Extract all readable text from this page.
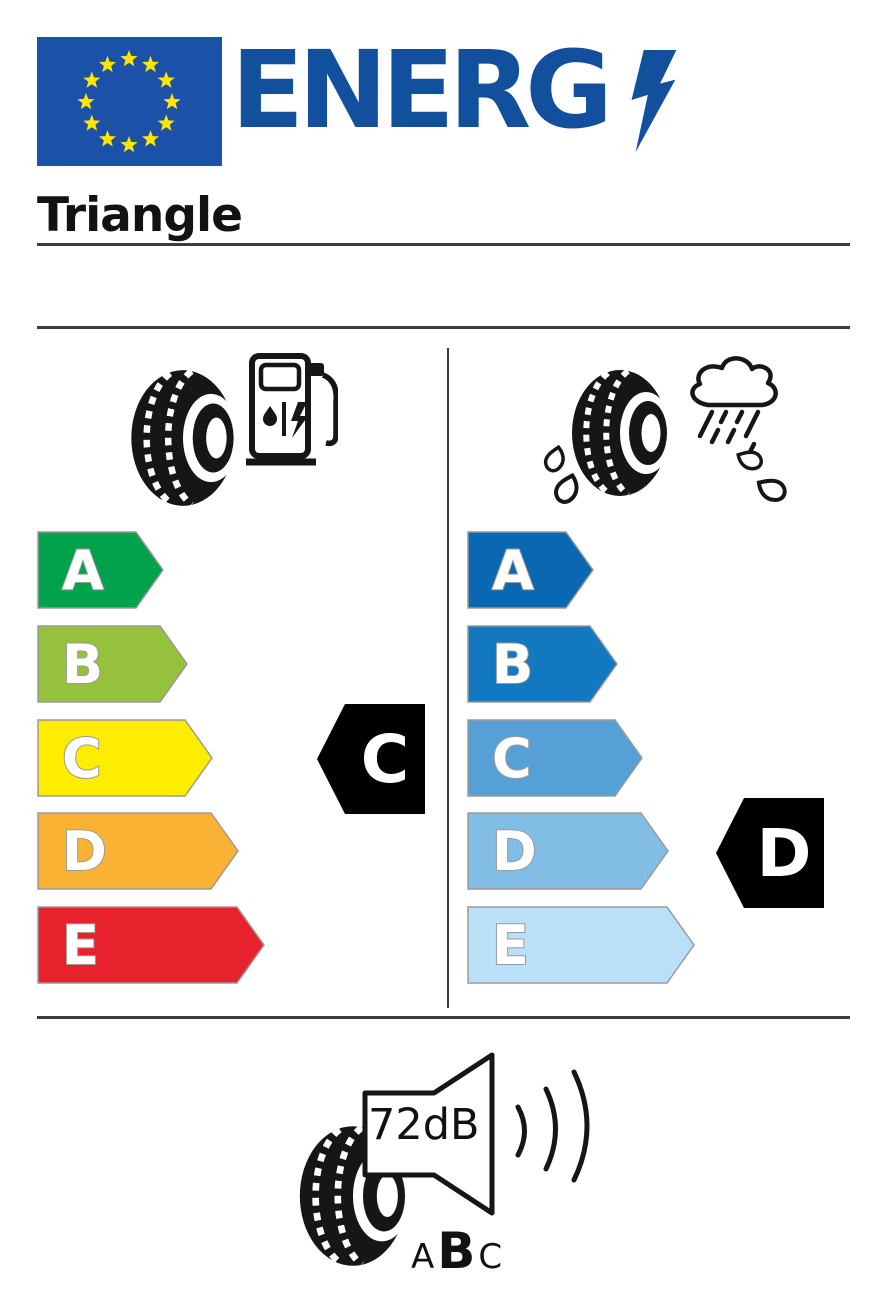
ENERG
Triangle
A
B
C
D
E
A
B
C
D
E
C
D
72dB
A B C
